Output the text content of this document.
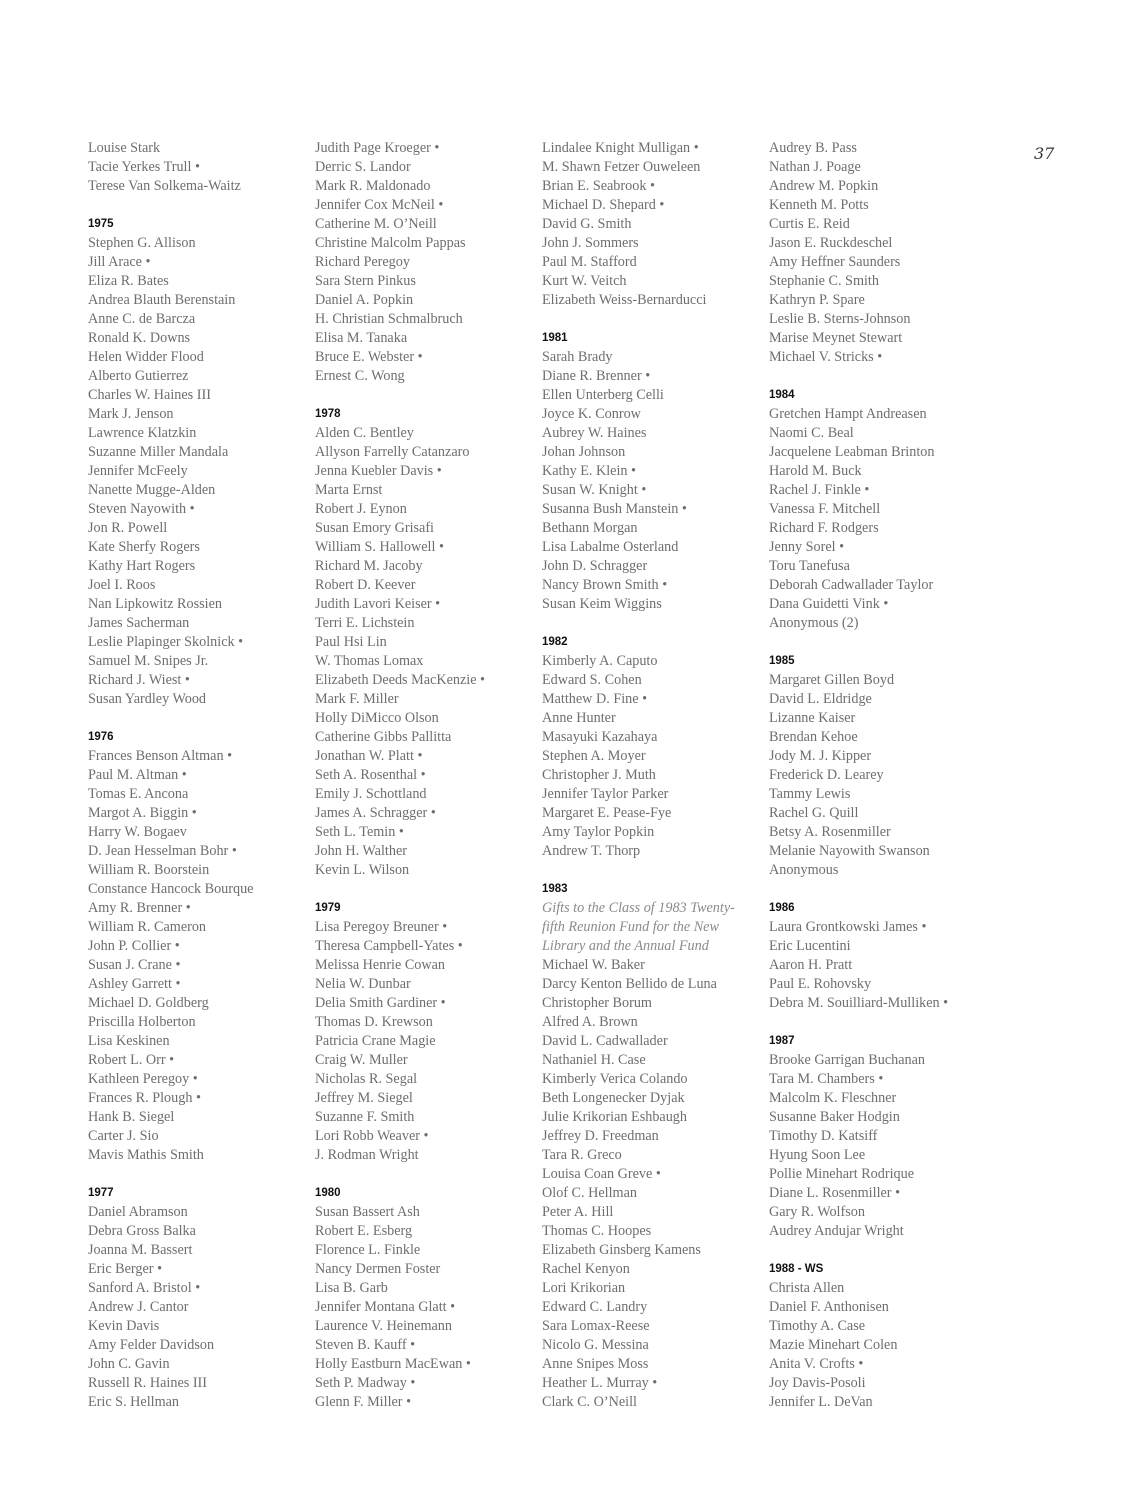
37
Louise Stark
Tacie Yerkes Trull •
Terese Van Solkema-Waitz
1975
Stephen G. Allison
Jill Arace •
Eliza R. Bates
Andrea Blauth Berenstain
Anne C. de Barcza
Ronald K. Downs
Helen Widder Flood
Alberto Gutierrez
Charles W. Haines III
Mark J. Jenson
Lawrence Klatzkin
Suzanne Miller Mandala
Jennifer McFeely
Nanette Mugge-Alden
Steven Nayowith •
Jon R. Powell
Kate Sherfy Rogers
Kathy Hart Rogers
Joel I. Roos
Nan Lipkowitz Rossien
James Sacherman
Leslie Plapinger Skolnick •
Samuel M. Snipes Jr.
Richard J. Wiest •
Susan Yardley Wood
1976
Frances Benson Altman •
Paul M. Altman •
Tomas E. Ancona
Margot A. Biggin •
Harry W. Bogaev
D. Jean Hesselman Bohr •
William R. Boorstein
Constance Hancock Bourque
Amy R. Brenner •
William R. Cameron
John P. Collier •
Susan J. Crane •
Ashley Garrett •
Michael D. Goldberg
Priscilla Holberton
Lisa Keskinen
Robert L. Orr •
Kathleen Peregoy •
Frances R. Plough •
Hank B. Siegel
Carter J. Sio
Mavis Mathis Smith
1977
Daniel Abramson
Debra Gross Balka
Joanna M. Bassert
Eric Berger •
Sanford A. Bristol •
Andrew J. Cantor
Kevin Davis
Amy Felder Davidson
John C. Gavin
Russell R. Haines III
Eric S. Hellman
Judith Page Kroeger •
Derric S. Landor
Mark R. Maldonado
Jennifer Cox McNeil •
Catherine M. O’Neill
Christine Malcolm Pappas
Richard Peregoy
Sara Stern Pinkus
Daniel A. Popkin
H. Christian Schmalbruch
Elisa M. Tanaka
Bruce E. Webster •
Ernest C. Wong
1978
Alden C. Bentley
Allyson Farrelly Catanzaro
Jenna Kuebler Davis •
Marta Ernst
Robert J. Eynon
Susan Emory Grisafi
William S. Hallowell •
Richard M. Jacoby
Robert D. Keever
Judith Lavori Keiser •
Terri E. Lichstein
Paul Hsi Lin
W. Thomas Lomax
Elizabeth Deeds MacKenzie •
Mark F. Miller
Holly DiMicco Olson
Catherine Gibbs Pallitta
Jonathan W. Platt •
Seth A. Rosenthal •
Emily J. Schottland
James A. Schragger •
Seth L. Temin •
John H. Walther
Kevin L. Wilson
1979
Lisa Peregoy Breuner •
Theresa Campbell-Yates •
Melissa Henrie Cowan
Nelia W. Dunbar
Delia Smith Gardiner •
Thomas D. Krewson
Patricia Crane Magie
Craig W. Muller
Nicholas R. Segal
Jeffrey M. Siegel
Suzanne F. Smith
Lori Robb Weaver •
J. Rodman Wright
1980
Susan Bassert Ash
Robert E. Esberg
Florence L. Finkle
Nancy Dermen Foster
Lisa B. Garb
Jennifer Montana Glatt •
Laurence V. Heinemann
Steven B. Kauff •
Holly Eastburn MacEwan •
Seth P. Madway •
Glenn F. Miller •
Lindalee Knight Mulligan •
M. Shawn Fetzer Ouweleen
Brian E. Seabrook •
Michael D. Shepard •
David G. Smith
John J. Sommers
Paul M. Stafford
Kurt W. Veitch
Elizabeth Weiss-Bernarducci
1981
Sarah Brady
Diane R. Brenner •
Ellen Unterberg Celli
Joyce K. Conrow
Aubrey W. Haines
Johan Johnson
Kathy E. Klein •
Susan W. Knight •
Susanna Bush Manstein •
Bethann Morgan
Lisa Labalme Osterland
John D. Schragger
Nancy Brown Smith •
Susan Keim Wiggins
1982
Kimberly A. Caputo
Edward S. Cohen
Matthew D. Fine •
Anne Hunter
Masayuki Kazahaya
Stephen A. Moyer
Christopher J. Muth
Jennifer Taylor Parker
Margaret E. Pease-Fye
Amy Taylor Popkin
Andrew T. Thorp
1983
Gifts to the Class of 1983 Twenty-
fifth Reunion Fund for the New
Library and the Annual Fund
Michael W. Baker
Darcy Kenton Bellido de Luna
Christopher Borum
Alfred A. Brown
David L. Cadwallader
Nathaniel H. Case
Kimberly Verica Colando
Beth Longenecker Dyjak
Julie Krikorian Eshbaugh
Jeffrey D. Freedman
Tara R. Greco
Louisa Coan Greve •
Olof C. Hellman
Peter A. Hill
Thomas C. Hoopes
Elizabeth Ginsberg Kamens
Rachel Kenyon
Lori Krikorian
Edward C. Landry
Sara Lomax-Reese
Nicolo G. Messina
Anne Snipes Moss
Heather L. Murray •
Clark C. O’Neill
Audrey B. Pass
Nathan J. Poage
Andrew M. Popkin
Kenneth M. Potts
Curtis E. Reid
Jason E. Ruckdeschel
Amy Heffner Saunders
Stephanie C. Smith
Kathryn P. Spare
Leslie B. Sterns-Johnson
Marise Meynet Stewart
Michael V. Stricks •
1984
Gretchen Hampt Andreasen
Naomi C. Beal
Jacquelene Leabman Brinton
Harold M. Buck
Rachel J. Finkle •
Vanessa F. Mitchell
Richard F. Rodgers
Jenny Sorel •
Toru Tanefusa
Deborah Cadwallader Taylor
Dana Guidetti Vink •
Anonymous (2)
1985
Margaret Gillen Boyd
David L. Eldridge
Lizanne Kaiser
Brendan Kehoe
Jody M. J. Kipper
Frederick D. Learey
Tammy Lewis
Rachel G. Quill
Betsy A. Rosenmiller
Melanie Nayowith Swanson
Anonymous
1986
Laura Grontkowski James •
Eric Lucentini
Aaron H. Pratt
Paul E. Rohovsky
Debra M. Souilliard-Mulliken •
1987
Brooke Garrigan Buchanan
Tara M. Chambers •
Malcolm K. Fleschner
Susanne Baker Hodgin
Timothy D. Katsiff
Hyung Soon Lee
Pollie Minehart Rodrique
Diane L. Rosenmiller •
Gary R. Wolfson
Audrey Andujar Wright
1988 - WS
Christa Allen
Daniel F. Anthonisen
Timothy A. Case
Mazie Minehart Colen
Anita V. Crofts •
Joy Davis-Posoli
Jennifer L. DeVan
